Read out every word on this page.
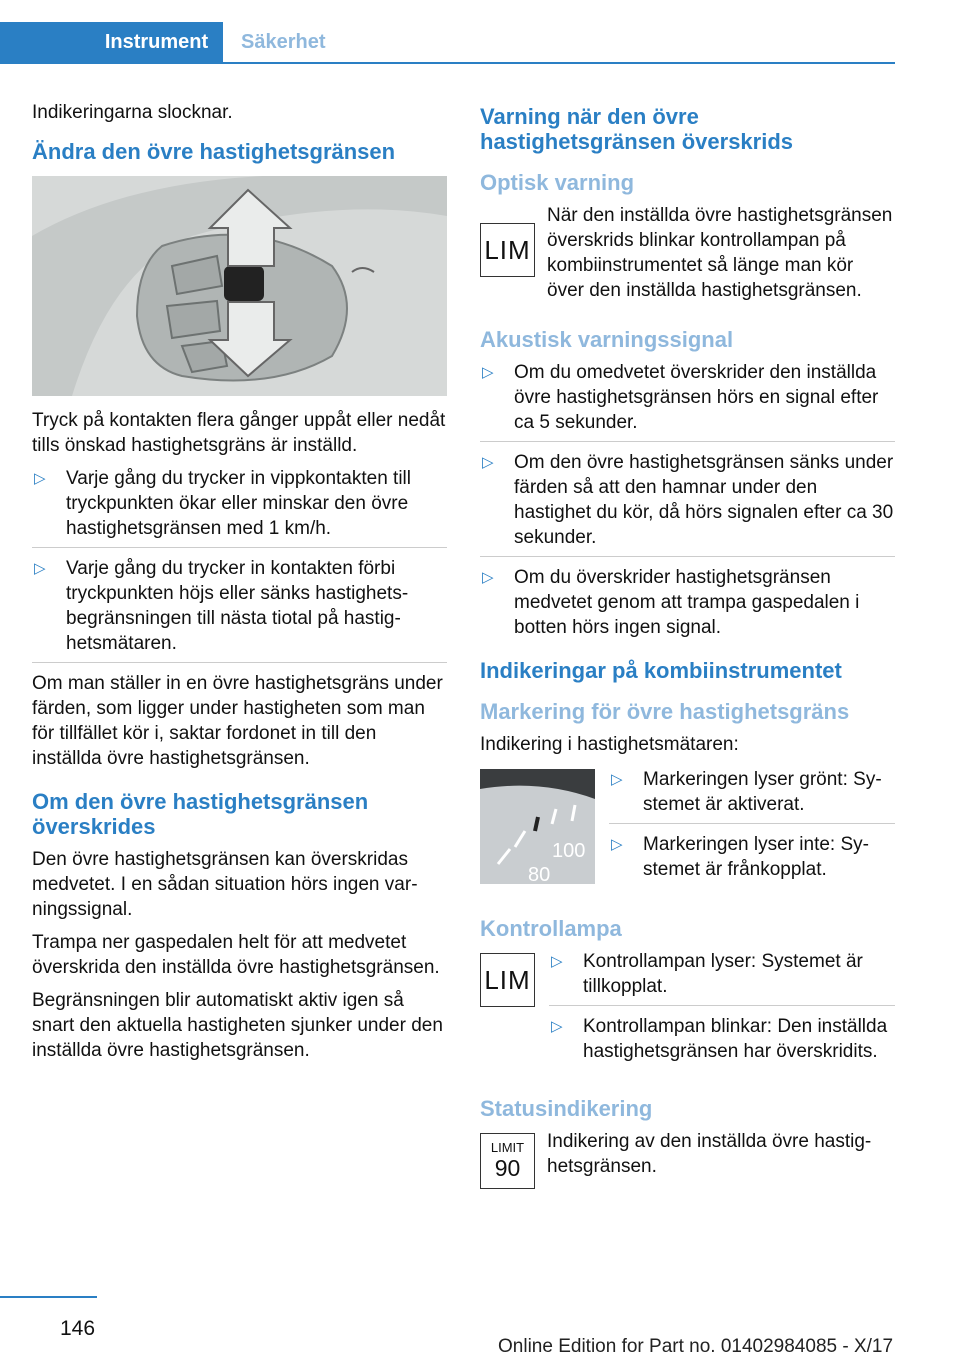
Instrument	Säkerhet

Indikeringarna slocknar.

Ändra den övre hastighetsgränsen

Tryck på kontakten flera gånger uppåt eller nedåt tills önskad hastighetsgräns är inställd.

▷ Varje gång du trycker in vippkontakten till tryckpunkten ökar eller minskar den övre hastighetsgränsen med 1 km/h.
▷ Varje gång du trycker in kontakten förbi tryckpunkten höjs eller sänks hastighetsbegränsningen till nästa tiotal på hastighetsmätaren.

Om man ställer in en övre hastighetsgräns under färden, som ligger under hastigheten som man för tillfället kör i, saktar fordonet in till den inställda övre hastighetsgränsen.

Om den övre hastighetsgränsen överskrides

Den övre hastighetsgränsen kan överskridas medvetet. I en sådan situation hörs ingen varningssignal.

Trampa ner gaspedalen helt för att medvetet överskrida den inställda övre hastighetsgränsen.

Begränsningen blir automatiskt aktiv igen så snart den aktuella hastigheten sjunker under den inställda övre hastighetsgränsen.

Varning när den övre hastighetsgränsen överskrids
Optisk varning
LIM

När den inställda övre hastighetsgränsen överskrids blinkar kontrollampan på kombiinstrumentet så länge man kör över den inställda hastighetsgränsen.

Akustisk varningssignal
▷ Om du omedvetet överskrider den inställda övre hastighetsgränsen hörs en signal efter ca 5 sekunder.
▷ Om den övre hastighetsgränsen sänks under färden så att den hamnar under den hastighet du kör, då hörs signalen efter ca 30 sekunder.
▷ Om du överskrider hastighetsgränsen medvetet genom att trampa gaspedalen i botten hörs ingen signal.
Indikeringar på kombiinstrumentet
Markering för övre hastighetsgräns

Indikering i hastighetsmätaren:

100
80
▷ Markeringen lyser grönt: Systemet är aktiverat.
▷ Markeringen lyser inte: Systemet är frånkopplat.
Kontrollampa
LIM
▷ Kontrollampan lyser: Systemet är tillkopplat.
▷ Kontrollampan blinkar: Den inställda hastighetsgränsen har överskridits.
Statusindikering
LIMIT
90

Indikering av den inställda övre hastighetsgränsen.

146
Online Edition for Part no. 01402984085 - X/17
